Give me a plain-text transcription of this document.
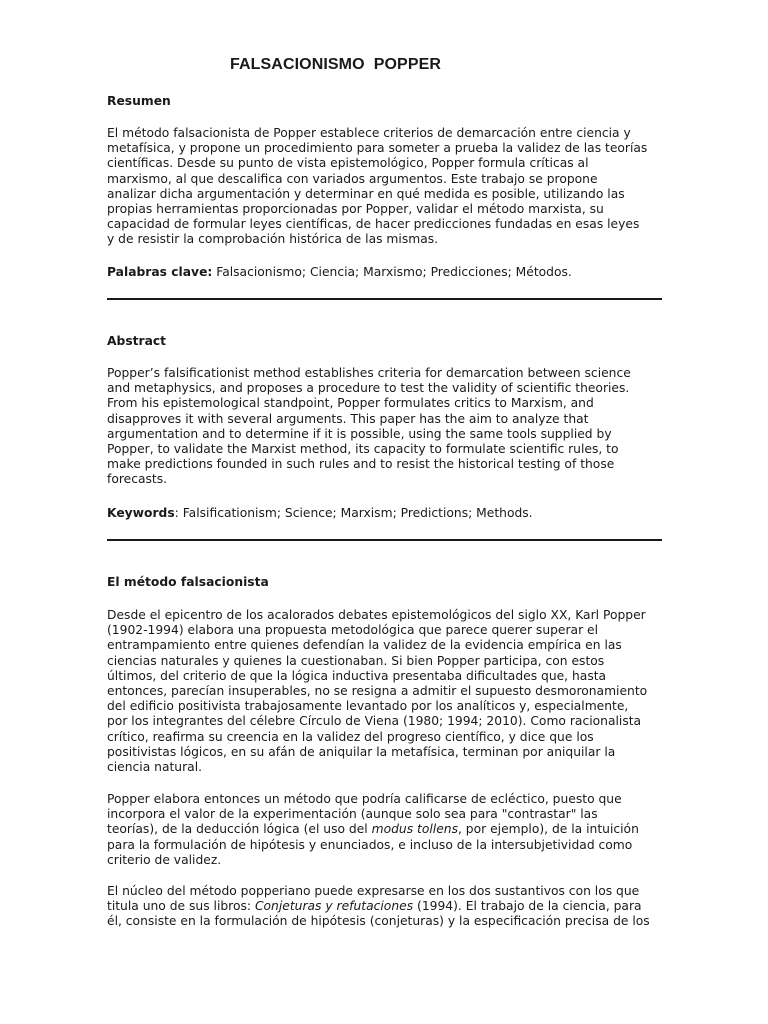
FALSACIONISMO  POPPER
Resumen
El método falsacionista de Popper establece criterios de demarcación entre ciencia y
metafísica, y propone un procedimiento para someter a prueba la validez de las teorías
científicas. Desde su punto de vista epistemológico, Popper formula críticas al
marxismo, al que descalifica con variados argumentos. Este trabajo se propone
analizar dicha argumentación y determinar en qué medida es posible, utilizando las
propias herramientas proporcionadas por Popper, validar el método marxista, su
capacidad de formular leyes científicas, de hacer predicciones fundadas en esas leyes
y de resistir la comprobación histórica de las mismas.
Palabras clave: Falsacionismo; Ciencia; Marxismo; Predicciones; Métodos.
Abstract
Popper’s falsificationist method establishes criteria for demarcation between science
and metaphysics, and proposes a procedure to test the validity of scientific theories.
From his epistemological standpoint, Popper formulates critics to Marxism, and
disapproves it with several arguments. This paper has the aim to analyze that
argumentation and to determine if it is possible, using the same tools supplied by
Popper, to validate the Marxist method, its capacity to formulate scientific rules, to
make predictions founded in such rules and to resist the historical testing of those
forecasts.
Keywords: Falsificationism; Science; Marxism; Predictions; Methods.
El método falsacionista
Desde el epicentro de los acalorados debates epistemológicos del siglo XX, Karl Popper
(1902-1994) elabora una propuesta metodológica que parece querer superar el
entrampamiento entre quienes defendían la validez de la evidencia empírica en las
ciencias naturales y quienes la cuestionaban. Si bien Popper participa, con estos
últimos, del criterio de que la lógica inductiva presentaba dificultades que, hasta
entonces, parecían insuperables, no se resigna a admitir el supuesto desmoronamiento
del edificio positivista trabajosamente levantado por los analíticos y, especialmente,
por los integrantes del célebre Círculo de Viena (1980; 1994; 2010). Como racionalista
crítico, reafirma su creencia en la validez del progreso científico, y dice que los
positivistas lógicos, en su afán de aniquilar la metafísica, terminan por aniquilar la
ciencia natural.
Popper elabora entonces un método que podría calificarse de ecléctico, puesto que
incorpora el valor de la experimentación (aunque solo sea para "contrastar" las
teorías), de la deducción lógica (el uso del modus tollens, por ejemplo), de la intuición
para la formulación de hipótesis y enunciados, e incluso de la intersubjetividad como
criterio de validez.
El núcleo del método popperiano puede expresarse en los dos sustantivos con los que
titula uno de sus libros: Conjeturas y refutaciones (1994). El trabajo de la ciencia, para
él, consiste en la formulación de hipótesis (conjeturas) y la especificación precisa de los
